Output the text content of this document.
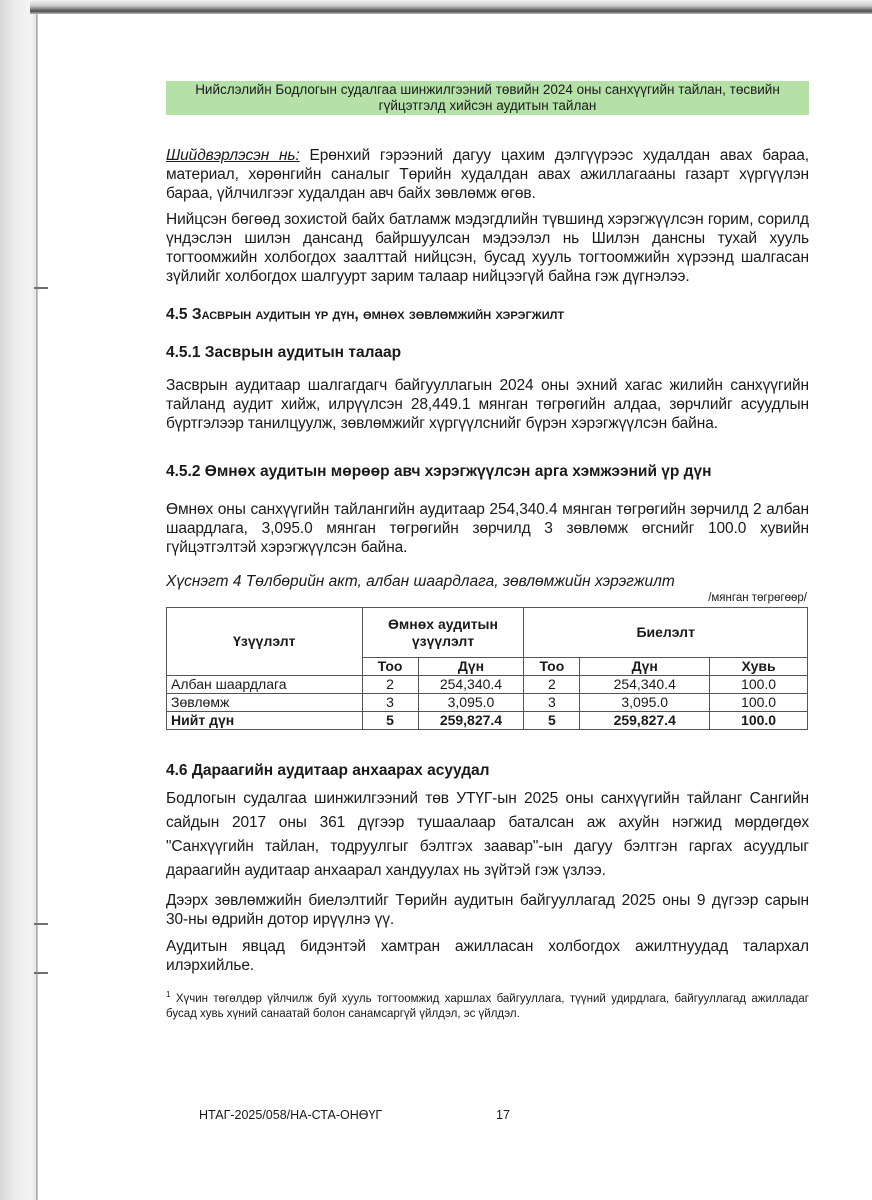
Нийслэлийн Бодлогын судалгаа шинжилгээний төвийн 2024 оны санхүүгийн тайлан, төсвийн
гүйцэтгэлд хийсэн аудитын тайлан
Шийдвэрлэсэн нь: Ерөнхий гэрээний дагуу цахим дэлгүүрээс худалдан авах бараа, материал, хөрөнгийн саналыг Төрийн худалдан авах ажиллагааны газарт хүргүүлэн бараа, үйлчилгээг худалдан авч байх зөвлөмж өгөв.
Нийцсэн бөгөөд зохистой байх батламж мэдэгдлийн түвшинд хэрэгжүүлсэн горим, сорилд үндэслэн шилэн дансанд байршуулсан мэдээлэл нь Шилэн дансны тухай хууль тогтоомжийн холбогдох заалттай нийцсэн, бусад хууль тогтоомжийн хүрээнд шалгасан зүйлийг холбогдох шалгуурт зарим талаар нийцээгүй байна гэж дүгнэлээ.
4.5 Засврын аудитын үр дүн, өмнөх зөвлөмжийн хэрэгжилт
4.5.1 Засврын аудитын талаар
Засврын аудитаар шалгагдагч байгууллагын 2024 оны эхний хагас жилийн санхүүгийн тайланд аудит хийж, илрүүлсэн 28,449.1 мянган төгрөгийн алдаа, зөрчлийг асуудлын бүртгэлээр танилцуулж, зөвлөмжийг хүргүүлснийг бүрэн хэрэгжүүлсэн байна.
4.5.2 Өмнөх аудитын мөрөөр авч хэрэгжүүлсэн арга хэмжээний үр дүн
Өмнөх оны санхүүгийн тайлангийн аудитаар 254,340.4 мянган төгрөгийн зөрчилд 2 албан шаардлага, 3,095.0 мянган төгрөгийн зөрчилд 3 зөвлөмж өгснийг 100.0 хувийн гүйцэтгэлтэй хэрэгжүүлсэн байна.
Хүснэгт 4 Төлбөрийн акт, албан шаардлага, зөвлөмжийн хэрэгжилт
/мянган төгрөгөөр/
Үзүүлэлт	Өмнөх аудитын үзүүлэлт		Биелэлт		
	Тоо	Дүн	Тоо	Дүн	Хувь
Албан шаардлага	2	254,340.4	2	254,340.4	100.0
Зөвлөмж	3	3,095.0	3	3,095.0	100.0
Нийт дүн	5	259,827.4	5	259,827.4	100.0
4.6 Дараагийн аудитаар анхаарах асуудал
Бодлогын судалгаа шинжилгээний төв УТҮГ-ын 2025 оны санхүүгийн тайланг Сангийн сайдын 2017 оны 361 дүгээр тушаалаар баталсан аж ахуйн нэгжид мөрдөгдөх "Санхүүгийн тайлан, тодруулгыг бэлтгэх заавар"-ын дагуу бэлтгэн гаргах асуудлыг дараагийн аудитаар анхаарал хандуулах нь зүйтэй гэж үзлээ.
Дээрх зөвлөмжийн биелэлтийг Төрийн аудитын байгууллагад 2025 оны 9 дүгээр сарын 30-ны өдрийн дотор ирүүлнэ үү.
Аудитын явцад бидэнтэй хамтран ажилласан холбогдох ажилтнуудад талархал илэрхийлье.
$^1$ Хүчин төгөлдөр үйлчилж буй хууль тогтоомжид харшлах байгууллага, түүний удирдлага, байгууллагад ажилладаг бусад хувь хүний санаатай болон санамсаргүй үйлдэл, эс үйлдэл.
НТАГ-2025/058/НА-СТА-ОНӨҮГ	17
